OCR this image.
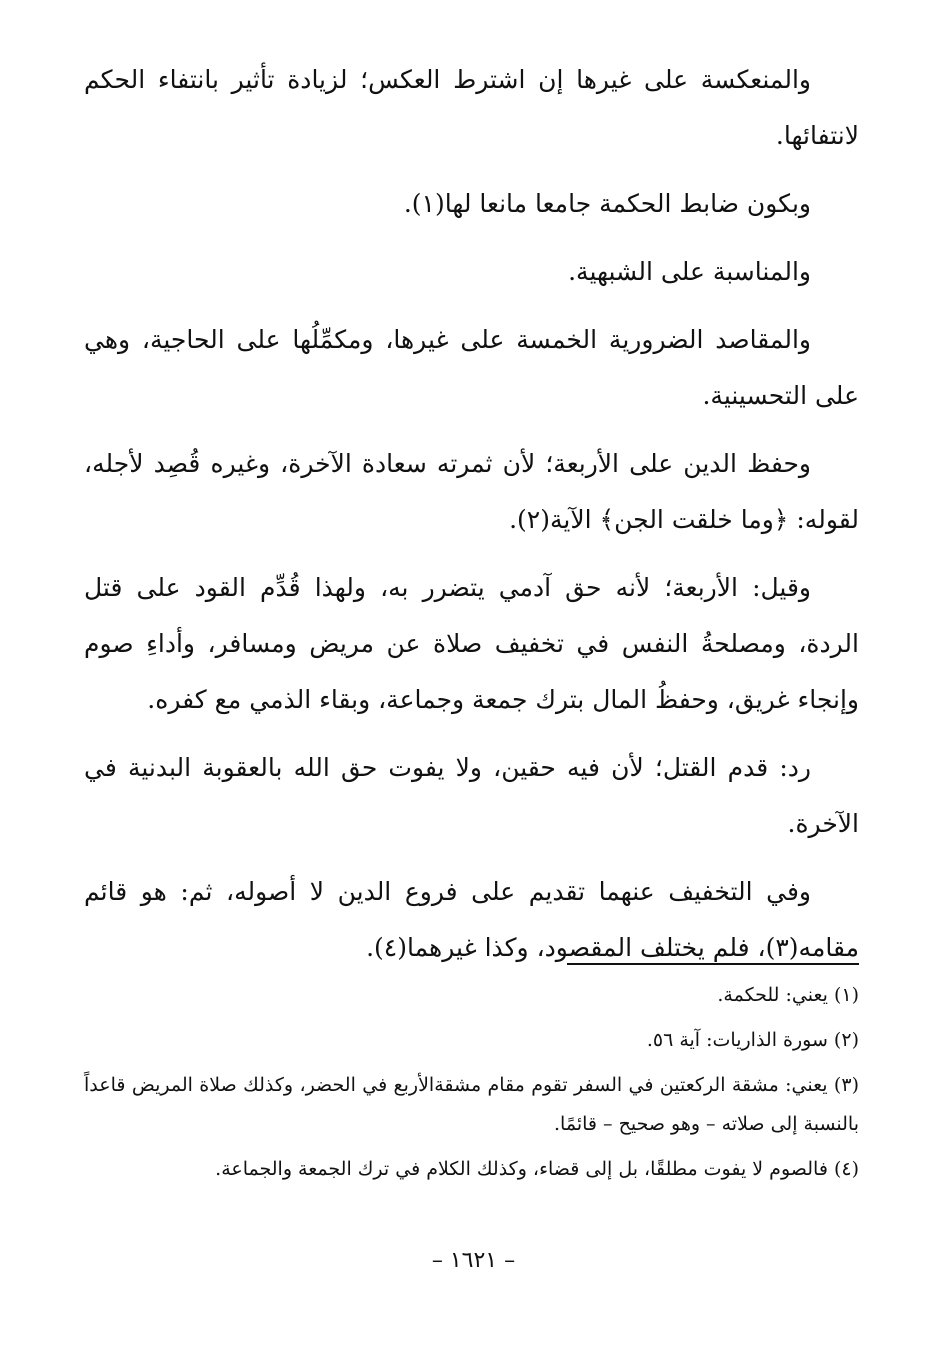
والمنعكسة على غيرها إن اشترط العكس؛ لزيادة تأثير بانتفاء الحكم لانتفائها.

وبكون ضابط الحكمة جامعا مانعا لها(١).

والمناسبة على الشبهية.

والمقاصد الضرورية الخمسة على غيرها، ومكمِّلُها على الحاجية، وهي على التحسينية.

وحفظ الدين على الأربعة؛ لأن ثمرته سعادة الآخرة، وغيره قُصِد لأجله، لقوله: ﴿وما خلقت الجن﴾ الآية(٢).

وقيل: الأربعة؛ لأنه حق آدمي يتضرر به، ولهذا قُدِّم القود على قتل الردة، ومصلحةُ النفس في تخفيف صلاة عن مريض ومسافر، وأداءِ صوم وإنجاء غريق، وحفظُ المال بترك جمعة وجماعة، وبقاء الذمي مع كفره.

رد: قدم القتل؛ لأن فيه حقين، ولا يفوت حق الله بالعقوبة البدنية في الآخرة.

وفي التخفيف عنهما تقديم على فروع الدين لا أصوله، ثم: هو قائم مقامه(٣)، فلم يختلف المقصود، وكذا غيرهما(٤).

(١) يعني: للحكمة.

(٢) سورة الذاريات: آية ٥٦.

(٣) يعني: مشقة الركعتين في السفر تقوم مقام مشقةالأربع في الحضر، وكذلك صلاة المريض قاعداً بالنسبة إلى صلاته – وهو صحيح – قائمًا.

(٤) فالصوم لا يفوت مطلقًا، بل إلى قضاء، وكذلك الكلام في ترك الجمعة والجماعة.

– ١٦٢١ –
